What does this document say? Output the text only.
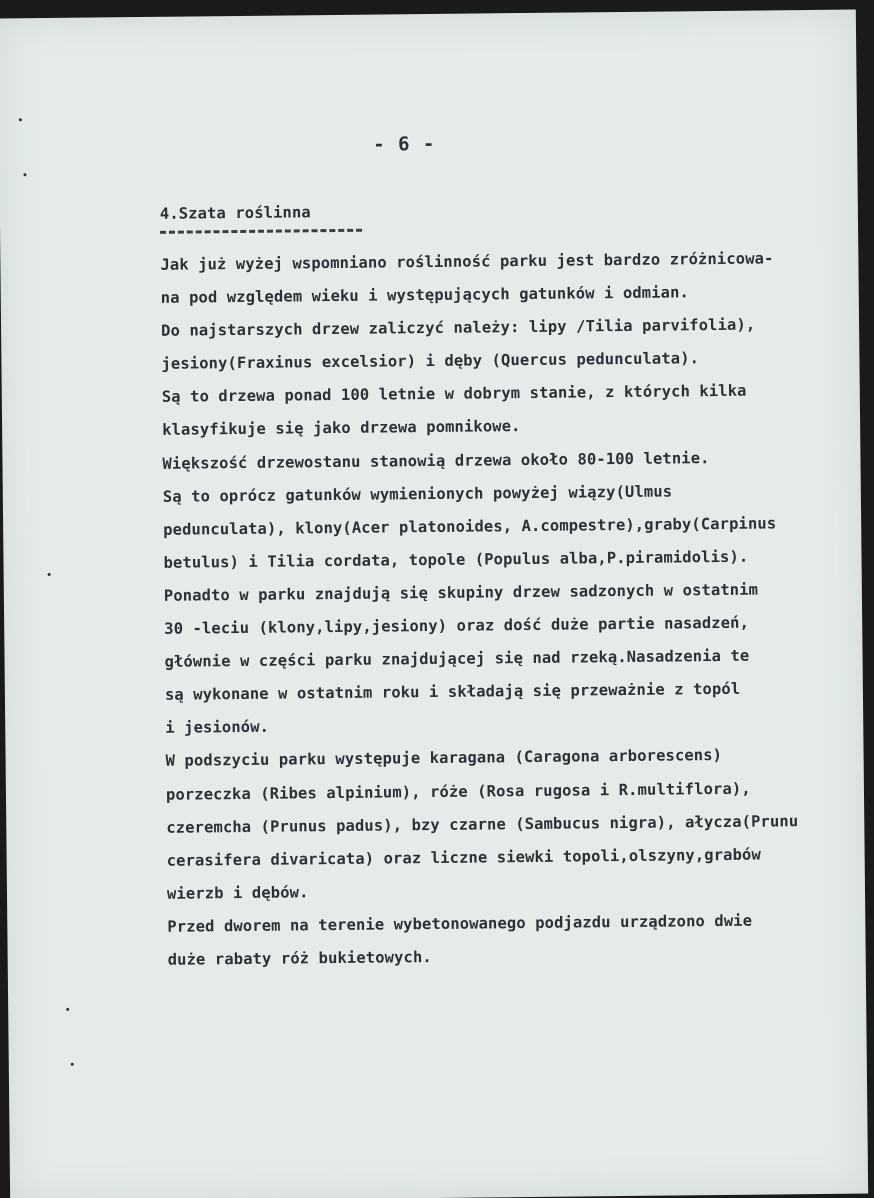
- 6 -
4.Szata roślinna
Jak już wyżej wspomniano roślinność parku jest bardzo zróżnicowa-
na pod względem wieku i występujących gatunków i odmian.
Do najstarszych drzew zaliczyć należy: lipy /Tilia parvifolia),
jesiony(Fraxinus excelsior) i dęby (Quercus pedunculata).
Są to drzewa ponad 100 letnie w dobrym stanie, z których kilka
klasyfikuje się jako drzewa pomnikowe.
Większość drzewostanu stanowią drzewa około 80-100 letnie.
Są to oprócz gatunków wymienionych powyżej wiązy(Ulmus
pedunculata), klony(Acer platonoides, A.compestre),graby(Carpinus
betulus) i Tilia cordata, topole (Populus alba,P.piramidolis).
Ponadto w parku znajdują się skupiny drzew sadzonych w ostatnim
30 -leciu (klony,lipy,jesiony) oraz dość duże partie nasadzeń,
głównie w części parku znajdującej się nad rzeką.Nasadzenia te
są wykonane w ostatnim roku i składają się przeważnie z topól
i jesionów.
W podszyciu parku występuje karagana (Caragona arborescens)
porzeczka (Ribes alpinium), róże (Rosa rugosa i R.multiflora),
czeremcha (Prunus padus), bzy czarne (Sambucus nigra), ałycza(Prunu
cerasifera divaricata) oraz liczne siewki topoli,olszyny,grabów
wierzb i dębów.
Przed dworem na terenie wybetonowanego podjazdu urządzono dwie
duże rabaty róż bukietowych.
